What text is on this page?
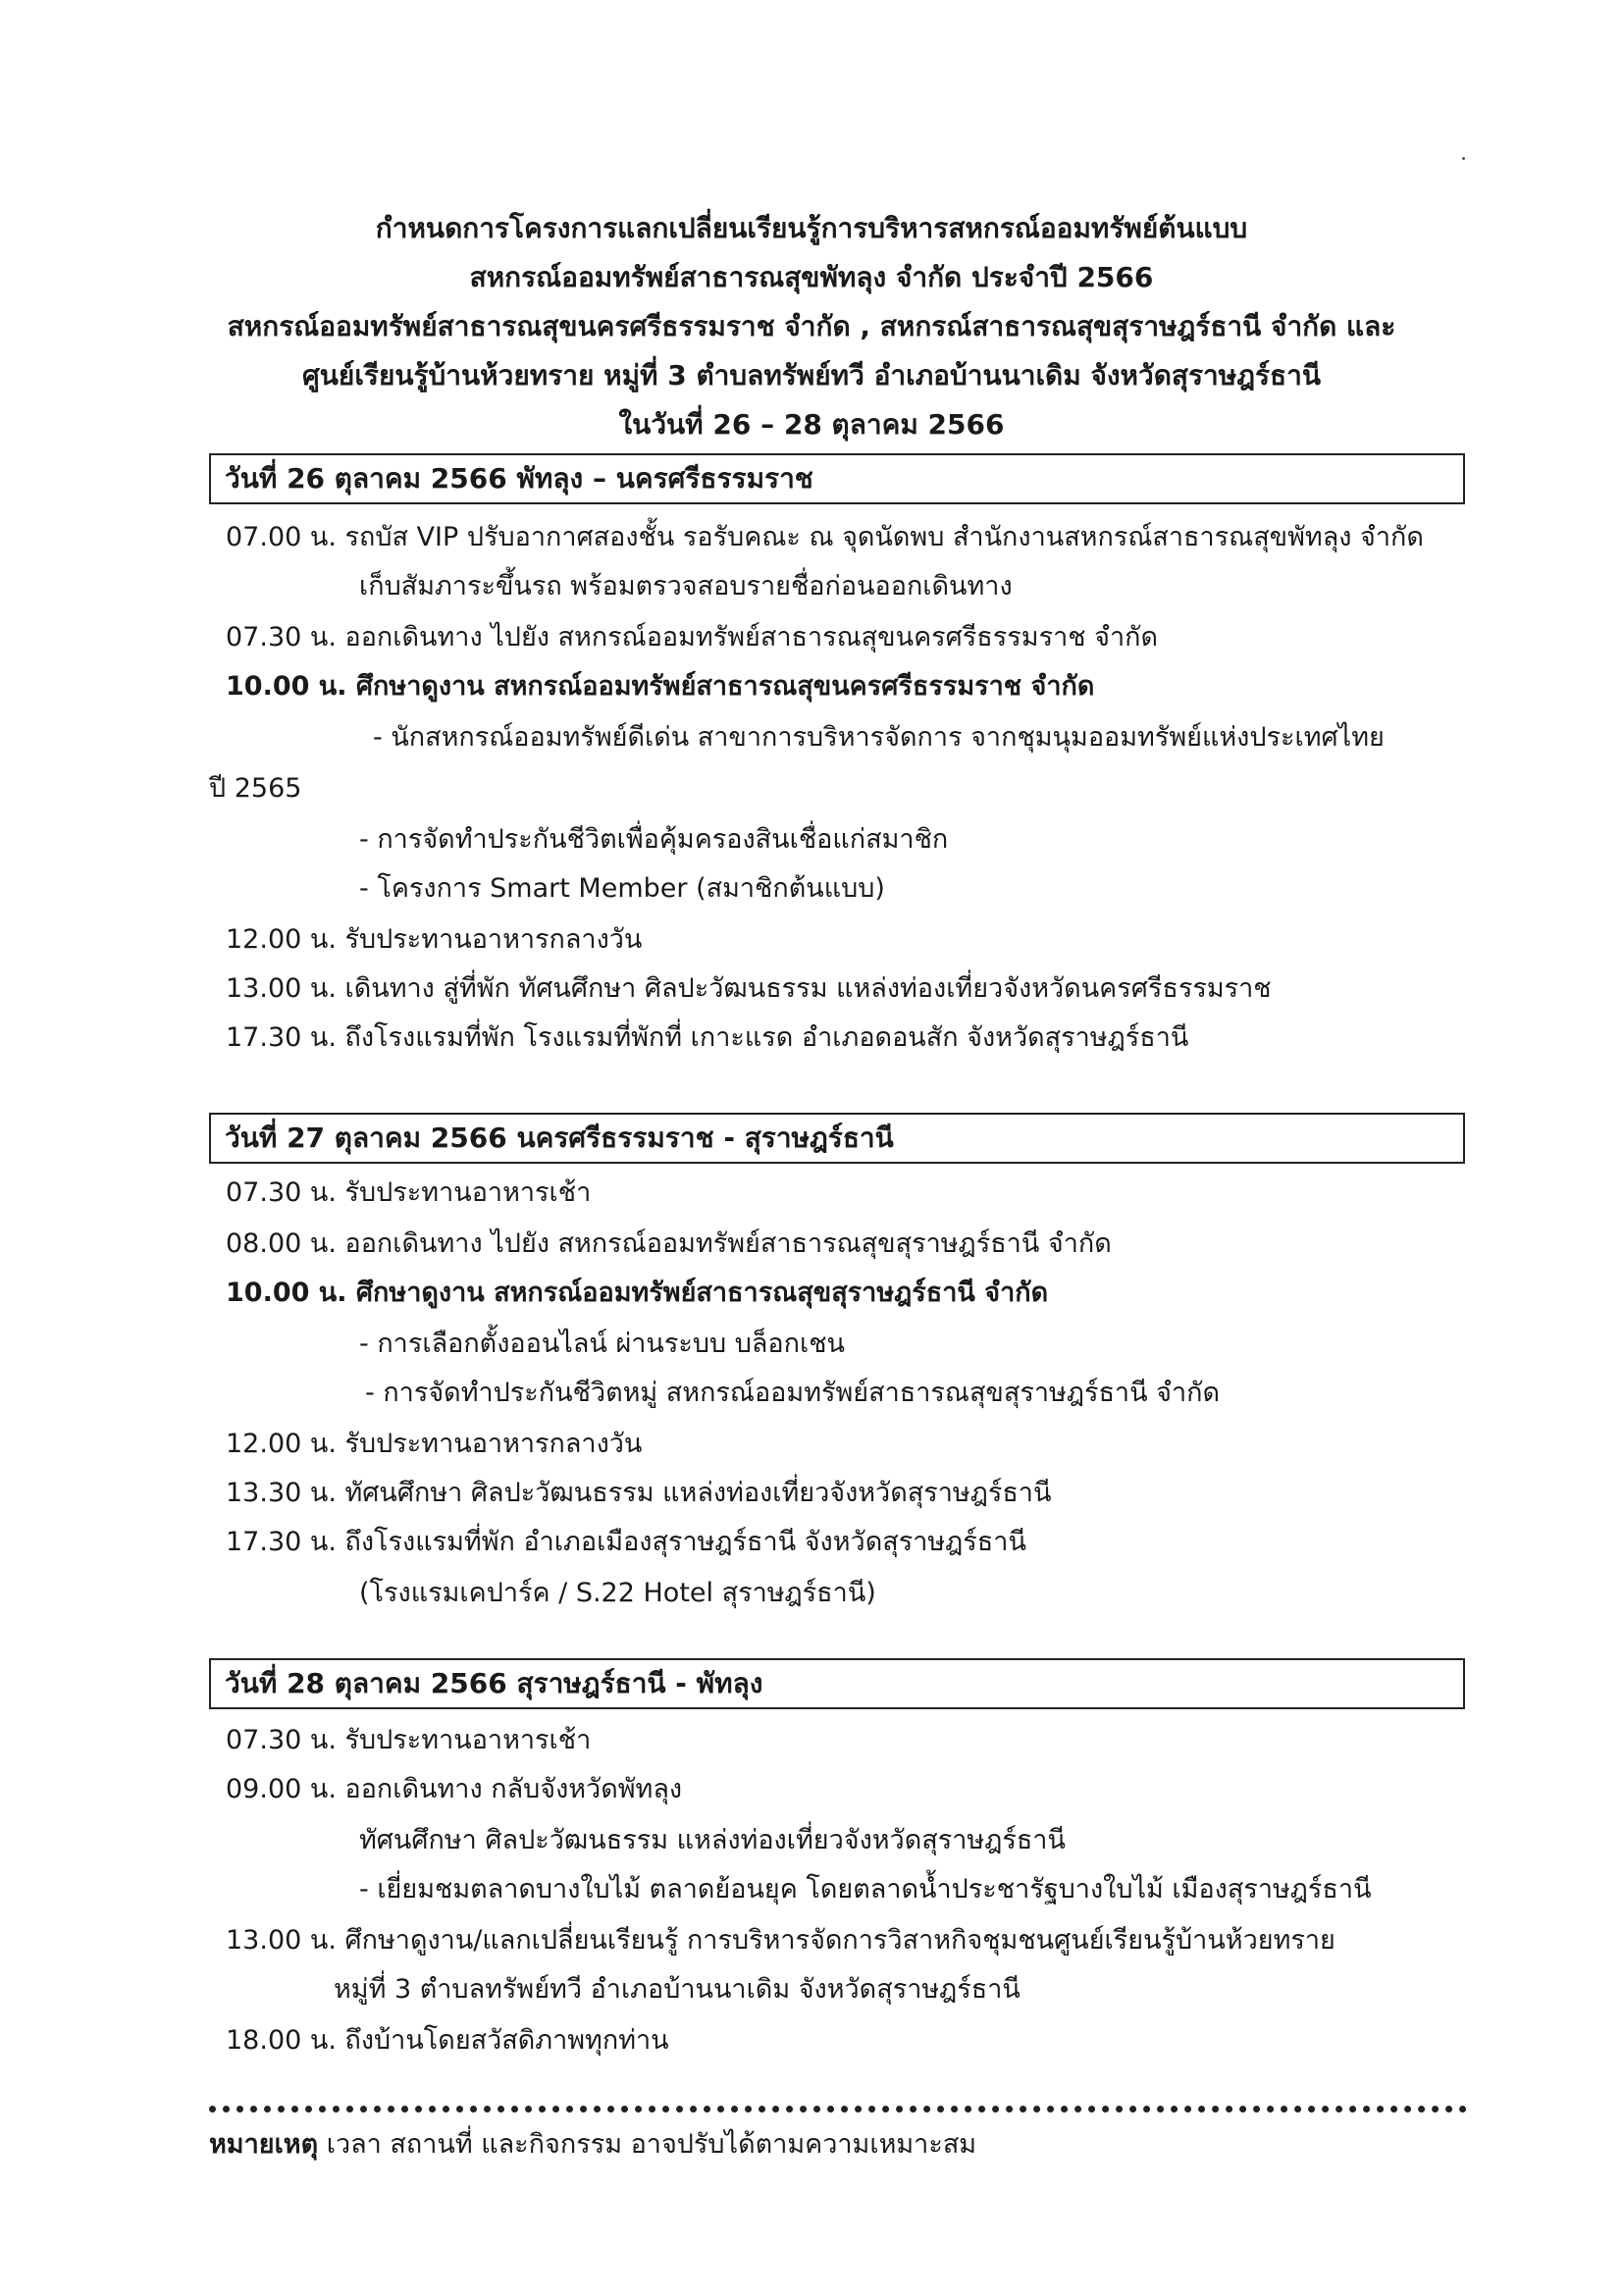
กำหนดการโครงการแลกเปลี่ยนเรียนรู้การบริหารสหกรณ์ออมทรัพย์ต้นแบบ
สหกรณ์ออมทรัพย์สาธารณสุขพัทลุง จำกัด ประจำปี 2566
สหกรณ์ออมทรัพย์สาธารณสุขนครศรีธรรมราช จำกัด , สหกรณ์สาธารณสุขสุราษฎร์ธานี จำกัด และ
ศูนย์เรียนรู้บ้านห้วยทราย หมู่ที่ 3 ตำบลทรัพย์ทวี อำเภอบ้านนาเดิม จังหวัดสุราษฎร์ธานี
ในวันที่ 26 – 28 ตุลาคม 2566
วันที่ 26 ตุลาคม 2566 พัทลุง – นครศรีธรรมราช
07.00 น. รถบัส VIP ปรับอากาศสองชั้น รอรับคณะ ณ จุดนัดพบ สำนักงานสหกรณ์สาธารณสุขพัทลุง จำกัด
เก็บสัมภาระขึ้นรถ พร้อมตรวจสอบรายชื่อก่อนออกเดินทาง
07.30 น. ออกเดินทาง ไปยัง สหกรณ์ออมทรัพย์สาธารณสุขนครศรีธรรมราช จำกัด
10.00 น. ศึกษาดูงาน สหกรณ์ออมทรัพย์สาธารณสุขนครศรีธรรมราช จำกัด
- นักสหกรณ์ออมทรัพย์ดีเด่น สาขาการบริหารจัดการ จากชุมนุมออมทรัพย์แห่งประเทศไทย
ปี 2565
- การจัดทำประกันชีวิตเพื่อคุ้มครองสินเชื่อแก่สมาชิก
- โครงการ Smart Member (สมาชิกต้นแบบ)
12.00 น. รับประทานอาหารกลางวัน
13.00 น. เดินทาง สู่ที่พัก ทัศนศึกษา ศิลปะวัฒนธรรม แหล่งท่องเที่ยวจังหวัดนครศรีธรรมราช
17.30 น. ถึงโรงแรมที่พัก โรงแรมที่พักที่ เกาะแรด อำเภอดอนสัก จังหวัดสุราษฎร์ธานี
วันที่ 27 ตุลาคม 2566 นครศรีธรรมราช - สุราษฎร์ธานี
07.30 น. รับประทานอาหารเช้า
08.00 น. ออกเดินทาง ไปยัง สหกรณ์ออมทรัพย์สาธารณสุขสุราษฎร์ธานี จำกัด
10.00 น. ศึกษาดูงาน สหกรณ์ออมทรัพย์สาธารณสุขสุราษฎร์ธานี จำกัด
- การเลือกตั้งออนไลน์ ผ่านระบบ บล็อกเชน
- การจัดทำประกันชีวิตหมู่ สหกรณ์ออมทรัพย์สาธารณสุขสุราษฎร์ธานี จำกัด
12.00 น. รับประทานอาหารกลางวัน
13.30 น. ทัศนศึกษา ศิลปะวัฒนธรรม แหล่งท่องเที่ยวจังหวัดสุราษฎร์ธานี
17.30 น. ถึงโรงแรมที่พัก อำเภอเมืองสุราษฎร์ธานี จังหวัดสุราษฎร์ธานี
(โรงแรมเคปาร์ค / S.22 Hotel สุราษฎร์ธานี)
วันที่ 28 ตุลาคม 2566 สุราษฎร์ธานี - พัทลุง
07.30 น. รับประทานอาหารเช้า
09.00 น. ออกเดินทาง กลับจังหวัดพัทลุง
ทัศนศึกษา ศิลปะวัฒนธรรม แหล่งท่องเที่ยวจังหวัดสุราษฎร์ธานี
- เยี่ยมชมตลาดบางใบไม้ ตลาดย้อนยุค โดยตลาดน้ำประชารัฐบางใบไม้ เมืองสุราษฎร์ธานี
13.00 น. ศึกษาดูงาน/แลกเปลี่ยนเรียนรู้ การบริหารจัดการวิสาหกิจชุมชนศูนย์เรียนรู้บ้านห้วยทราย
หมู่ที่ 3 ตำบลทรัพย์ทวี อำเภอบ้านนาเดิม จังหวัดสุราษฎร์ธานี
18.00 น. ถึงบ้านโดยสวัสดิภาพทุกท่าน
หมายเหตุ เวลา สถานที่ และกิจกรรม อาจปรับได้ตามความเหมาะสม
